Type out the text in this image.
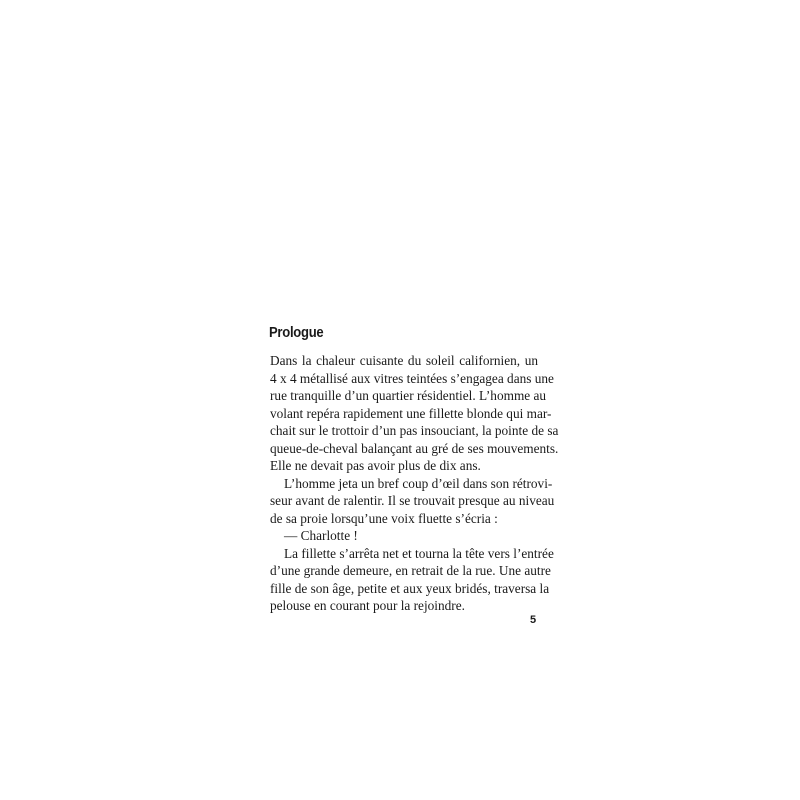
Prologue
Dans la chaleur cuisante du soleil californien, un
4 x 4 métallisé aux vitres teintées s’engagea dans une
rue tranquille d’un quartier résidentiel. L’homme au
volant repéra rapidement une fillette blonde qui mar-
chait sur le trottoir d’un pas insouciant, la pointe de sa
queue-de-cheval balançant au gré de ses mouvements.
Elle ne devait pas avoir plus de dix ans.
L’homme jeta un bref coup d’œil dans son rétrovi-
seur avant de ralentir. Il se trouvait presque au niveau
de sa proie lorsqu’une voix fluette s’écria :
— Charlotte !
La fillette s’arrêta net et tourna la tête vers l’entrée
d’une grande demeure, en retrait de la rue. Une autre
fille de son âge, petite et aux yeux bridés, traversa la
pelouse en courant pour la rejoindre.
5
